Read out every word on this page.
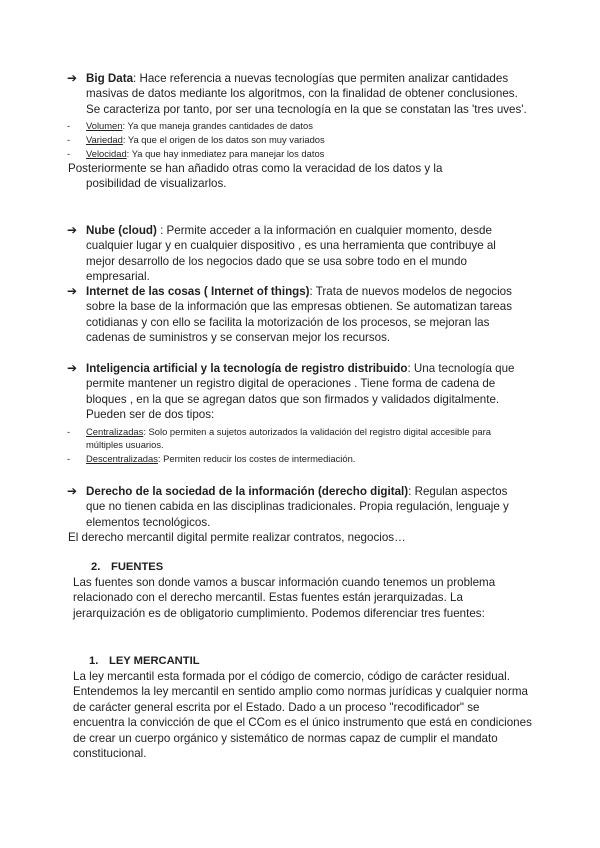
➔ Big Data: Hace referencia a nuevas tecnologías que permiten analizar cantidades masivas de datos mediante los algoritmos, con la finalidad de obtener conclusiones. Se caracteriza por tanto, por ser una tecnología en la que se constatan las 'tres uves'.
- Volumen: Ya que maneja grandes cantidades de datos
- Variedad: Ya que el origen de los datos son muy variados
- Velocidad: Ya que hay inmediatez para manejar los datos
Posteriormente se han añadido otras como la veracidad de los datos y la
posibilidad de visualizarlos.
➔ Nube (cloud) : Permite acceder a la información en cualquier momento, desde cualquier lugar y en cualquier dispositivo , es una herramienta que contribuye al mejor desarrollo de los negocios dado que se usa sobre todo en el mundo empresarial.
➔ Internet de las cosas ( Internet of things): Trata de nuevos modelos de negocios sobre la base de la información que las empresas obtienen. Se automatizan tareas cotidianas y con ello se facilita la motorización de los procesos, se mejoran las cadenas de suministros y se conservan mejor los recursos.
➔ Inteligencia artificial y la tecnología de registro distribuido: Una tecnología que permite mantener un registro digital de operaciones . Tiene forma de cadena de bloques , en la que se agregan datos que son firmados y validados digitalmente. Pueden ser de dos tipos:
- Centralizadas: Solo permiten a sujetos autorizados la validación del registro digital accesible para múltiples usuarios.
- Descentralizadas: Permiten reducir los costes de intermediación.
➔ Derecho de la sociedad de la información (derecho digital): Regulan aspectos que no tienen cabida en las disciplinas tradicionales. Propia regulación, lenguaje y elementos tecnológicos.
El derecho mercantil digital permite realizar contratos, negocios…
2. FUENTES
Las fuentes son donde vamos a buscar información cuando tenemos un problema relacionado con el derecho mercantil. Estas fuentes están jerarquizadas. La jerarquización es de obligatorio cumplimiento. Podemos diferenciar tres fuentes:
1. LEY MERCANTIL
La ley mercantil esta formada por el código de comercio, código de carácter residual. Entendemos la ley mercantil en sentido amplio como normas jurídicas y cualquier norma de carácter general escrita por el Estado. Dado a un proceso "recodificador" se encuentra la convicción de que el CCom es el único instrumento que está en condiciones de crear un cuerpo orgánico y sistemático de normas capaz de cumplir el mandato constitucional.
